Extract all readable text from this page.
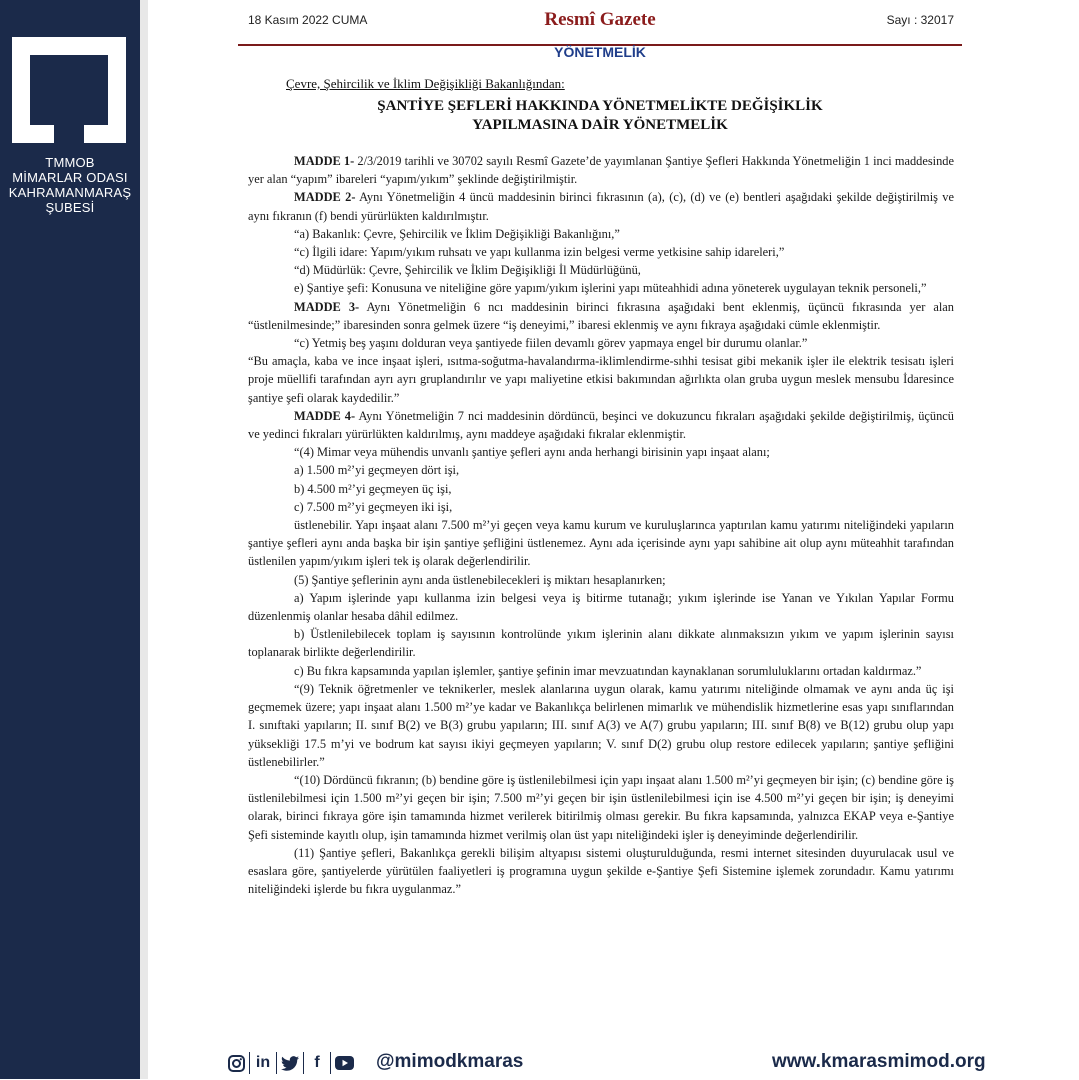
TMMOB
MİMARLAR ODASI
KAHRAMANMARAŞ
ŞUBESİ
18 Kasım 2022 CUMA	Resmî Gazete	Sayı : 32017
YÖNETMELİK
Çevre, Şehircilik ve İklim Değişikliği Bakanlığından:
ŞANTİYE ŞEFLERİ HAKKINDA YÖNETMELİKTE DEĞİŞİKLİK
YAPILMASINA DAİR YÖNETMELİK

MADDE 1- 2/3/2019 tarihli ve 30702 sayılı Resmî Gazete’de yayımlanan Şantiye Şefleri Hakkında Yönetmeliğin 1 inci maddesinde yer alan “yapım” ibareleri “yapım/yıkım” şeklinde değiştirilmiştir.

MADDE 2- Aynı Yönetmeliğin 4 üncü maddesinin birinci fıkrasının (a), (c), (d) ve (e) bentleri aşağıdaki şekilde değiştirilmiş ve aynı fıkranın (f) bendi yürürlükten kaldırılmıştır.

“a) Bakanlık: Çevre, Şehircilik ve İklim Değişikliği Bakanlığını,”

“c) İlgili idare: Yapım/yıkım ruhsatı ve yapı kullanma izin belgesi verme yetkisine sahip idareleri,”

“d) Müdürlük: Çevre, Şehircilik ve İklim Değişikliği İl Müdürlüğünü,

e) Şantiye şefi: Konusuna ve niteliğine göre yapım/yıkım işlerini yapı müteahhidi adına yöneterek uygulayan teknik personeli,”

MADDE 3- Aynı Yönetmeliğin 6 ncı maddesinin birinci fıkrasına aşağıdaki bent eklenmiş, üçüncü fıkrasında yer alan “üstlenilmesinde;” ibaresinden sonra gelmek üzere “iş deneyimi,” ibaresi eklenmiş ve aynı fıkraya aşağıdaki cümle eklenmiştir.

“c) Yetmiş beş yaşını dolduran veya şantiyede fiilen devamlı görev yapmaya engel bir durumu olanlar.”

“Bu amaçla, kaba ve ince inşaat işleri, ısıtma-soğutma-havalandırma-iklimlendirme-sıhhi tesisat gibi mekanik işler ile elektrik tesisatı işleri proje müellifi tarafından ayrı ayrı gruplandırılır ve yapı maliyetine etkisi bakımından ağırlıkta olan gruba uygun meslek mensubu İdaresince şantiye şefi olarak kaydedilir.”

MADDE 4- Aynı Yönetmeliğin 7 nci maddesinin dördüncü, beşinci ve dokuzuncu fıkraları aşağıdaki şekilde değiştirilmiş, üçüncü ve yedinci fıkraları yürürlükten kaldırılmış, aynı maddeye aşağıdaki fıkralar eklenmiştir.

“(4) Mimar veya mühendis unvanlı şantiye şefleri aynı anda herhangi birisinin yapı inşaat alanı;

a) 1.500 m²’yi geçmeyen dört işi,

b) 4.500 m²’yi geçmeyen üç işi,

c) 7.500 m²’yi geçmeyen iki işi,

üstlenebilir. Yapı inşaat alanı 7.500 m²’yi geçen veya kamu kurum ve kuruluşlarınca yaptırılan kamu yatırımı niteliğindeki yapıların şantiye şefleri aynı anda başka bir işin şantiye şefliğini üstlenemez. Aynı ada içerisinde aynı yapı sahibine ait olup aynı müteahhit tarafından üstlenilen yapım/yıkım işleri tek iş olarak değerlendirilir.

(5) Şantiye şeflerinin aynı anda üstlenebilecekleri iş miktarı hesaplanırken;

a) Yapım işlerinde yapı kullanma izin belgesi veya iş bitirme tutanağı; yıkım işlerinde ise Yanan ve Yıkılan Yapılar Formu düzenlenmiş olanlar hesaba dâhil edilmez.

b) Üstlenilebilecek toplam iş sayısının kontrolünde yıkım işlerinin alanı dikkate alınmaksızın yıkım ve yapım işlerinin sayısı toplanarak birlikte değerlendirilir.

c) Bu fıkra kapsamında yapılan işlemler, şantiye şefinin imar mevzuatından kaynaklanan sorumluluklarını ortadan kaldırmaz.”

“(9) Teknik öğretmenler ve teknikerler, meslek alanlarına uygun olarak, kamu yatırımı niteliğinde olmamak ve aynı anda üç işi geçmemek üzere; yapı inşaat alanı 1.500 m²’ye kadar ve Bakanlıkça belirlenen mimarlık ve mühendislik hizmetlerine esas yapı sınıflarından I. sınıftaki yapıların; II. sınıf B(2) ve B(3) grubu yapıların; III. sınıf A(3) ve A(7) grubu yapıların; III. sınıf B(8) ve B(12) grubu olup yapı yüksekliği 17.5 m’yi ve bodrum kat sayısı ikiyi geçmeyen yapıların; V. sınıf D(2) grubu olup restore edilecek yapıların; şantiye şefliğini üstlenebilirler.”

“(10) Dördüncü fıkranın; (b) bendine göre iş üstlenilebilmesi için yapı inşaat alanı 1.500 m²’yi geçmeyen bir işin; (c) bendine göre iş üstlenilebilmesi için 1.500 m²’yi geçen bir işin; 7.500 m²’yi geçen bir işin üstlenilebilmesi için ise 4.500 m²’yi geçen bir işin; iş deneyimi olarak, birinci fıkraya göre işin tamamında hizmet verilerek bitirilmiş olması gerekir. Bu fıkra kapsamında, yalnızca EKAP veya e-Şantiye Şefi sisteminde kayıtlı olup, işin tamamında hizmet verilmiş olan üst yapı niteliğindeki işler iş deneyiminde değerlendirilir.

(11) Şantiye şefleri, Bakanlıkça gerekli bilişim altyapısı sistemi oluşturulduğunda, resmi internet sitesinden duyurulacak usul ve esaslara göre, şantiyelerde yürütülen faaliyetleri iş programına uygun şekilde e-Şantiye Şefi Sistemine işlemek zorundadır. Kamu yatırımı niteliğindeki işlerde bu fıkra uygulanmaz.”

in	f	@mimodkmaras	www.kmarasmimod.org
